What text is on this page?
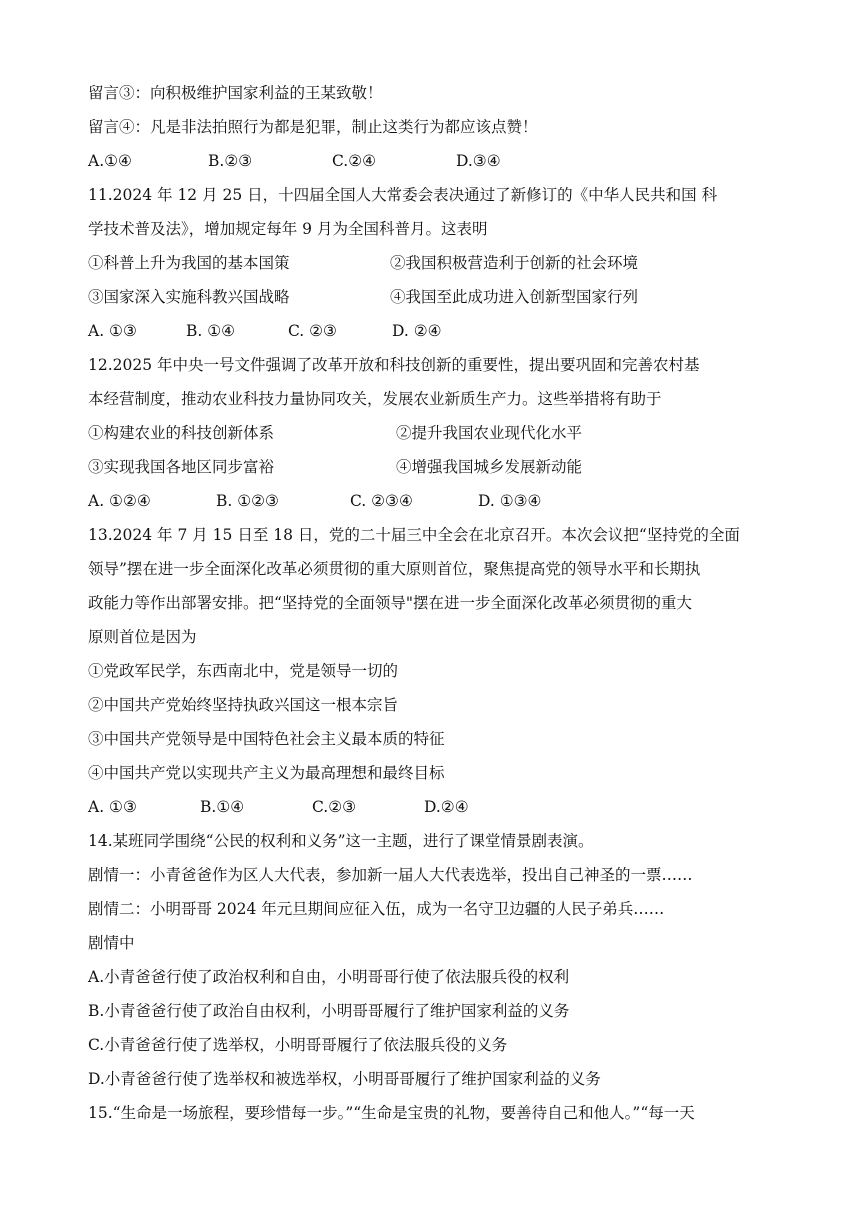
留言③：向积极维护国家利益的王某致敬！
留言④：凡是非法拍照行为都是犯罪，制止这类行为都应该点赞！
A.①④	B.②③	C.②④	D.③④
11.2024 年 12 月 25 日，十四届全国人大常委会表决通过了新修订的《中华人民共和国 科
学技术普及法》，增加规定每年 9 月为全国科普月。这表明
①科普上升为我国的基本国策	②我国积极营造利于创新的社会环境
③国家深入实施科教兴国战略	④我国至此成功进入创新型国家行列
A. ①③	B. ①④	C. ②③	D. ②④
12.2025 年中央一号文件强调了改革开放和科技创新的重要性，提出要巩固和完善农村基
本经营制度，推动农业科技力量协同攻关，发展农业新质生产力。这些举措将有助于
①构建农业的科技创新体系	②提升我国农业现代化水平
③实现我国各地区同步富裕	④增强我国城乡发展新动能
A. ①②④	B. ①②③	C. ②③④	D. ①③④
13.2024 年 7 月 15 日至 18 日，党的二十届三中全会在北京召开。本次会议把“坚持党的全面
领导”摆在进一步全面深化改革必须贯彻的重大原则首位，聚焦提高党的领导水平和长期执
政能力等作出部署安排。把“坚持党的全面领导"摆在进一步全面深化改革必须贯彻的重大
原则首位是因为
①党政军民学，东西南北中，党是领导一切的
②中国共产党始终坚持执政兴国这一根本宗旨
③中国共产党领导是中国特色社会主义最本质的特征
④中国共产党以实现共产主义为最高理想和最终目标
A. ①③	B.①④	C.②③	D.②④
14.某班同学围绕“公民的权利和义务”这一主题，进行了课堂情景剧表演。
剧情一：小青爸爸作为区人大代表，参加新一届人大代表选举，投出自己神圣的一票……
剧情二：小明哥哥 2024 年元旦期间应征入伍，成为一名守卫边疆的人民子弟兵……
剧情中
A.小青爸爸行使了政治权利和自由，小明哥哥行使了依法服兵役的权利
B.小青爸爸行使了政治自由权利，小明哥哥履行了维护国家利益的义务
C.小青爸爸行使了选举权，小明哥哥履行了依法服兵役的义务
D.小青爸爸行使了选举权和被选举权，小明哥哥履行了维护国家利益的义务
15.“生命是一场旅程，要珍惜每一步。”“生命是宝贵的礼物，要善待自己和他人。”“每一天
